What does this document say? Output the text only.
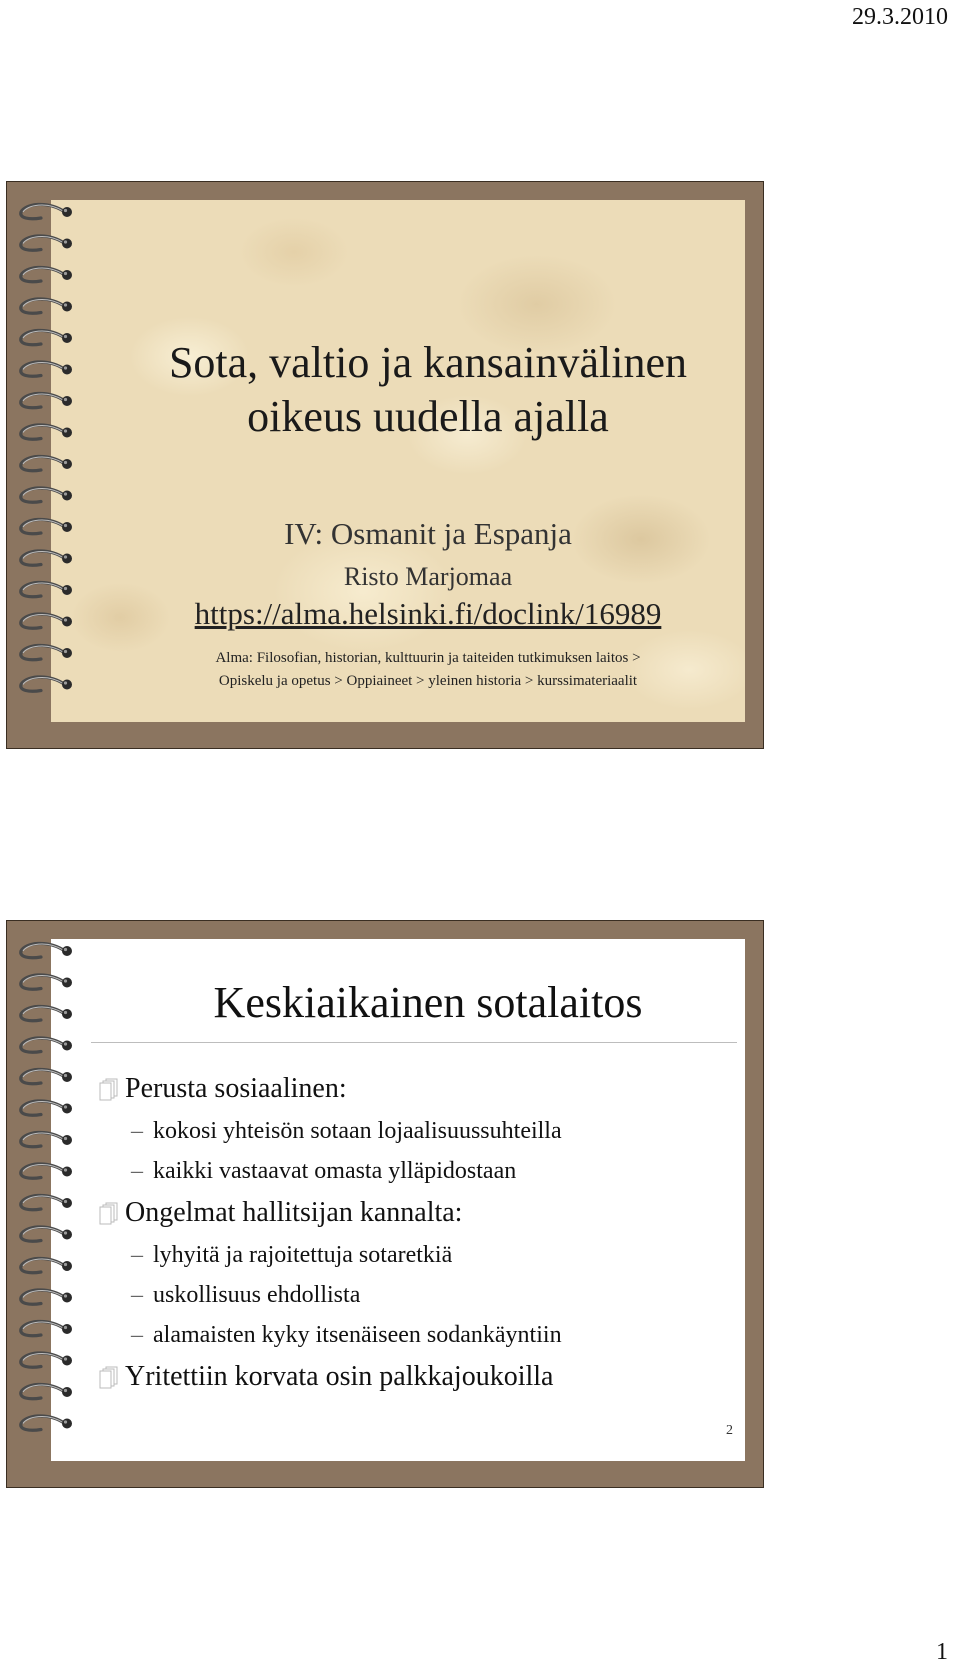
29.3.2010
Sota, valtio ja kansainvälinen
oikeus uudella ajalla
IV: Osmanit ja Espanja
Risto Marjomaa
https://alma.helsinki.fi/doclink/16989
Alma: Filosofian, historian, kulttuurin ja taiteiden tutkimuksen laitos >
Opiskelu ja opetus > Oppiaineet > yleinen historia > kurssimateriaalit
Keskiaikainen sotalaitos
Perusta sosiaalinen:
– kokosi yhteisön sotaan lojaalisuussuhteilla
– kaikki vastaavat omasta ylläpidostaan
Ongelmat hallitsijan kannalta:
– lyhyitä ja rajoitettuja sotaretkiä
– uskollisuus ehdollista
– alamaisten kyky itsenäiseen sodankäyntiin
Yritettiin korvata osin palkkajoukoilla
2
1
